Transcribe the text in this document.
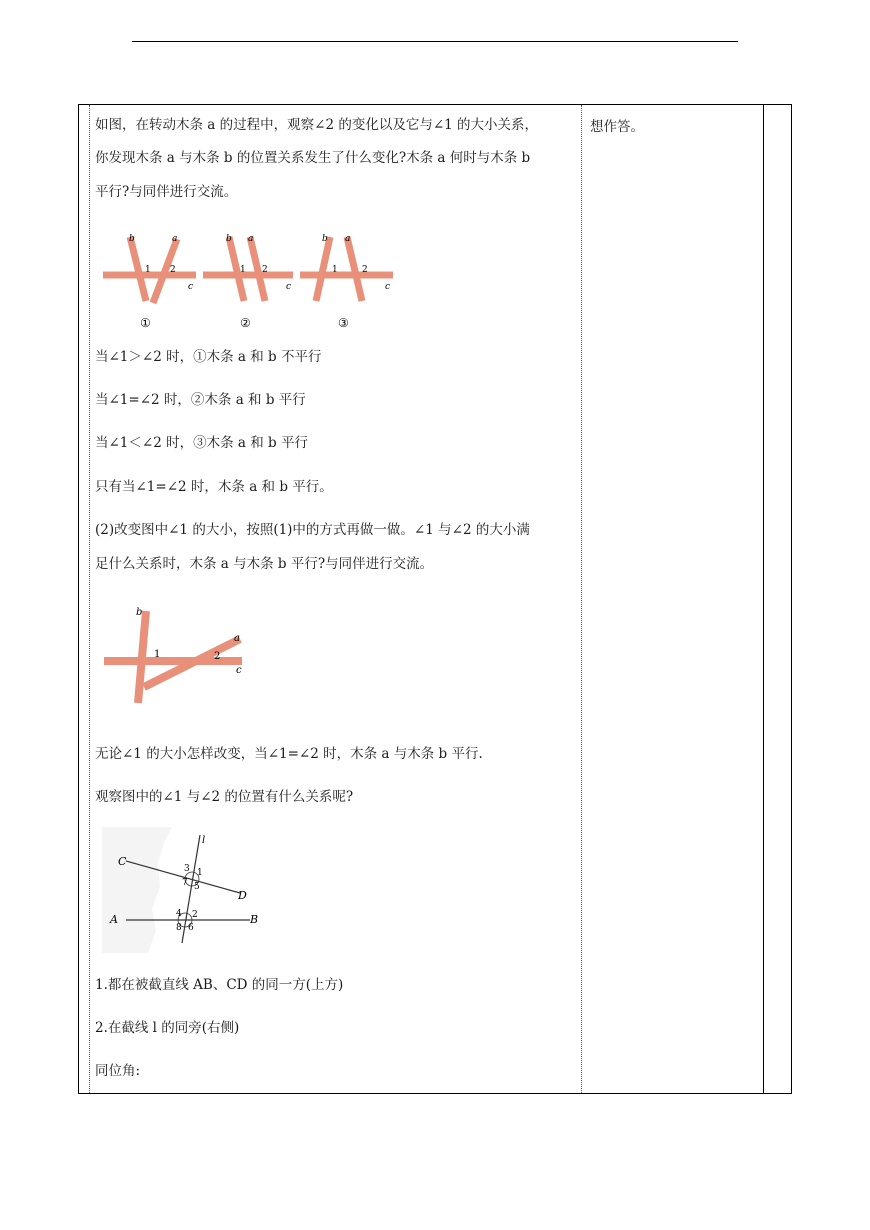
如图，在转动木条 a 的过程中，观察∠2 的变化以及它与∠1 的大小关系，
你发现木条 a 与木条 b 的位置关系发生了什么变化?木条 a 何时与木条 b
平行?与同伴进行交流。
b	a
c
1 2
①
b a
c
1 2
②
b a
c
1	2
③
当∠1＞∠2 时，①木条 a 和 b 不平行
当∠1=∠2 时，②木条 a 和 b 平行
当∠1＜∠2 时，③木条 a 和 b 平行
只有当∠1=∠2 时，木条 a 和 b 平行。
(2)改变图中∠1 的大小，按照(1)中的方式再做一做。∠1 与∠2 的大小满
足什么关系时，木条 a 与木条 b 平行?与同伴进行交流。
b
a
c
1	2
无论∠1 的大小怎样改变，当∠1=∠2 时，木条 a 与木条 b 平行.
观察图中的∠1 与∠2 的位置有什么关系呢?
C
D
A	B
l
1
2
3
4
5
6
7
8
1.都在被截直线 AB、CD 的同一方(上方)
2.在截线 l 的同旁(右侧)
同位角:
想作答。
